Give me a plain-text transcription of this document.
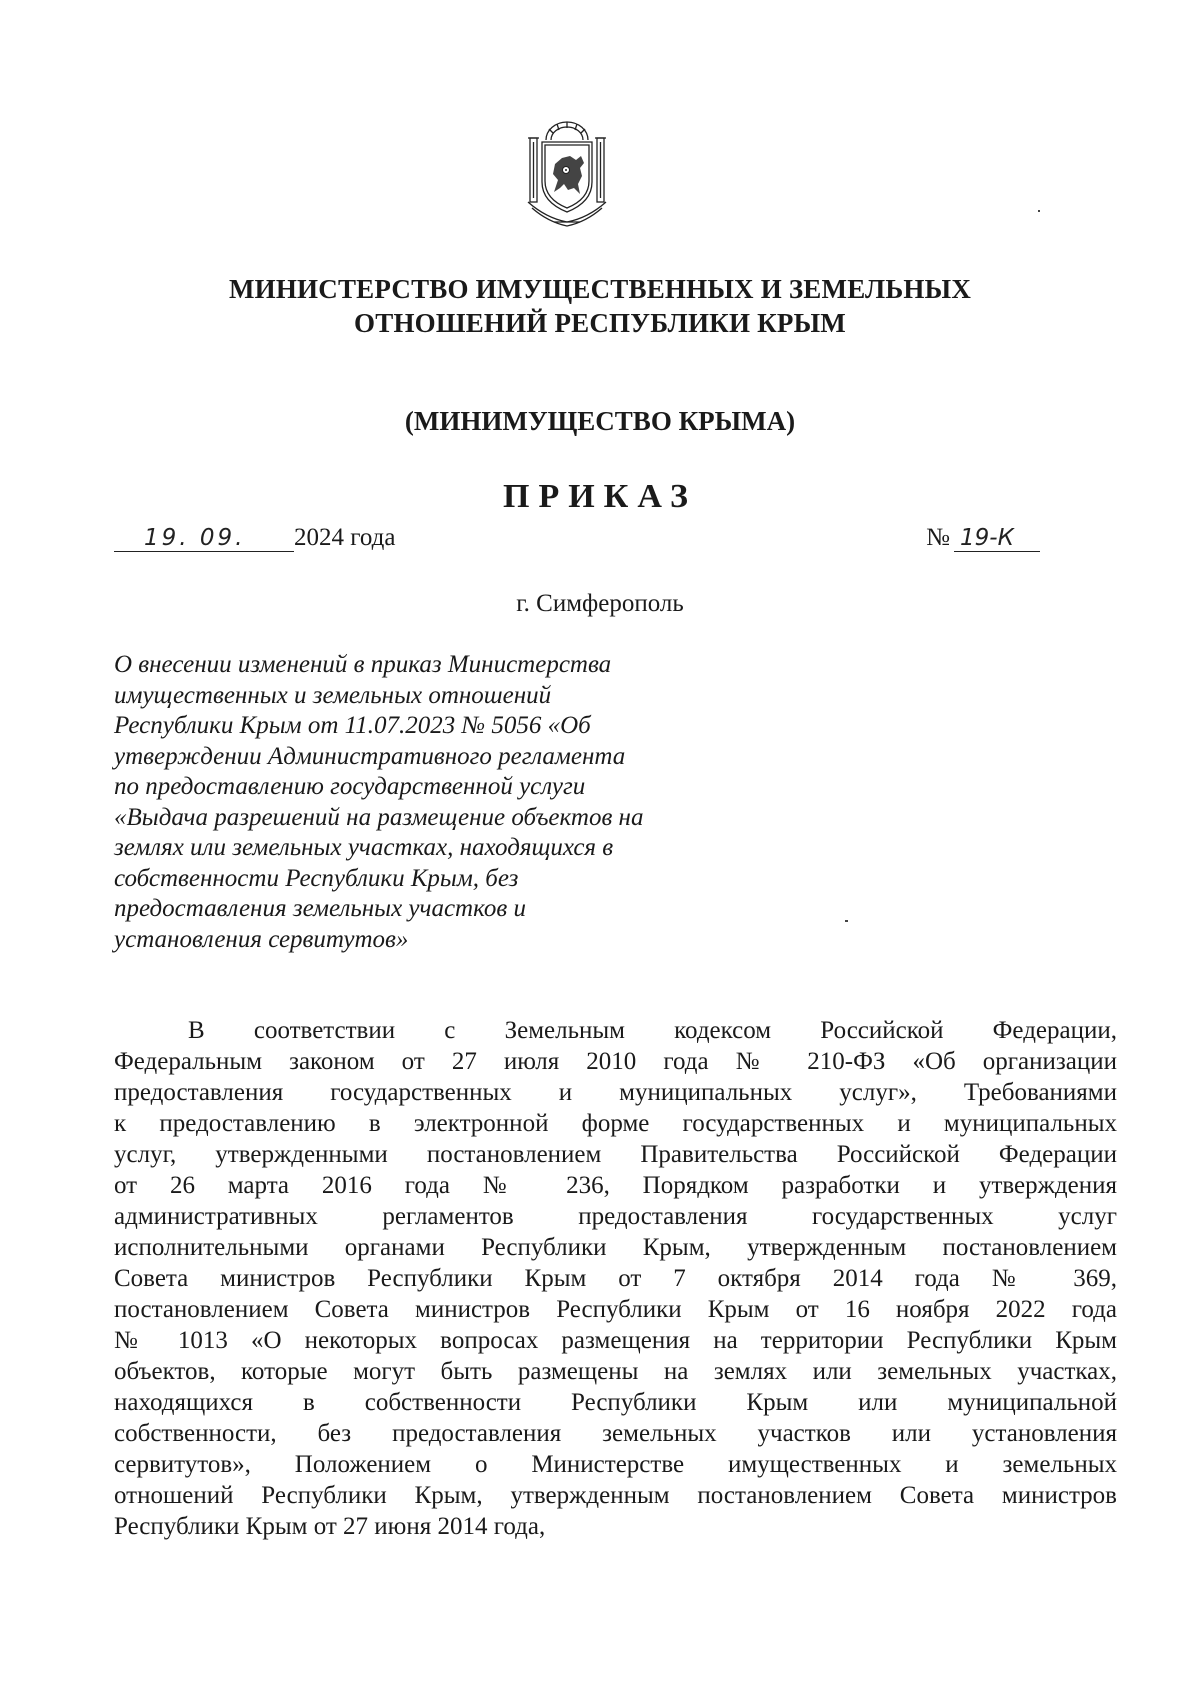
МИНИСТЕРСТВО ИМУЩЕСТВЕННЫХ И ЗЕМЕЛЬНЫХ
ОТНОШЕНИЙ РЕСПУБЛИКИ КРЫМ
(МИНИМУЩЕСТВО КРЫМА)
ПРИКАЗ
19. 09. 2024 года	№ 19-К
г. Симферополь
О внесении изменений в приказ Министерства
имущественных и земельных отношений
Республики Крым от 11.07.2023 № 5056 «Об
утверждении Административного регламента
по предоставлению государственной услуги
«Выдача разрешений на размещение объектов на
землях или земельных участках, находящихся в
собственности Республики Крым, без
предоставления земельных участков и
установления сервитутов»
В соответствии с Земельным кодексом Российской Федерации,
Федеральным законом от 27 июля 2010 года № 210-ФЗ «Об организации
предоставления государственных и муниципальных услуг», Требованиями
к предоставлению в электронной форме государственных и муниципальных
услуг, утвержденными постановлением Правительства Российской Федерации
от 26 марта 2016 года № 236, Порядком разработки и утверждения
административных регламентов предоставления государственных услуг
исполнительными органами Республики Крым, утвержденным постановлением
Совета министров Республики Крым от 7 октября 2014 года № 369,
постановлением Совета министров Республики Крым от 16 ноября 2022 года
№ 1013 «О некоторых вопросах размещения на территории Республики Крым
объектов, которые могут быть размещены на землях или земельных участках,
находящихся в собственности Республики Крым или муниципальной
собственности, без предоставления земельных участков или установления
сервитутов», Положением о Министерстве имущественных и земельных
отношений Республики Крым, утвержденным постановлением Совета министров
Республики Крым от 27 июня 2014 года,
